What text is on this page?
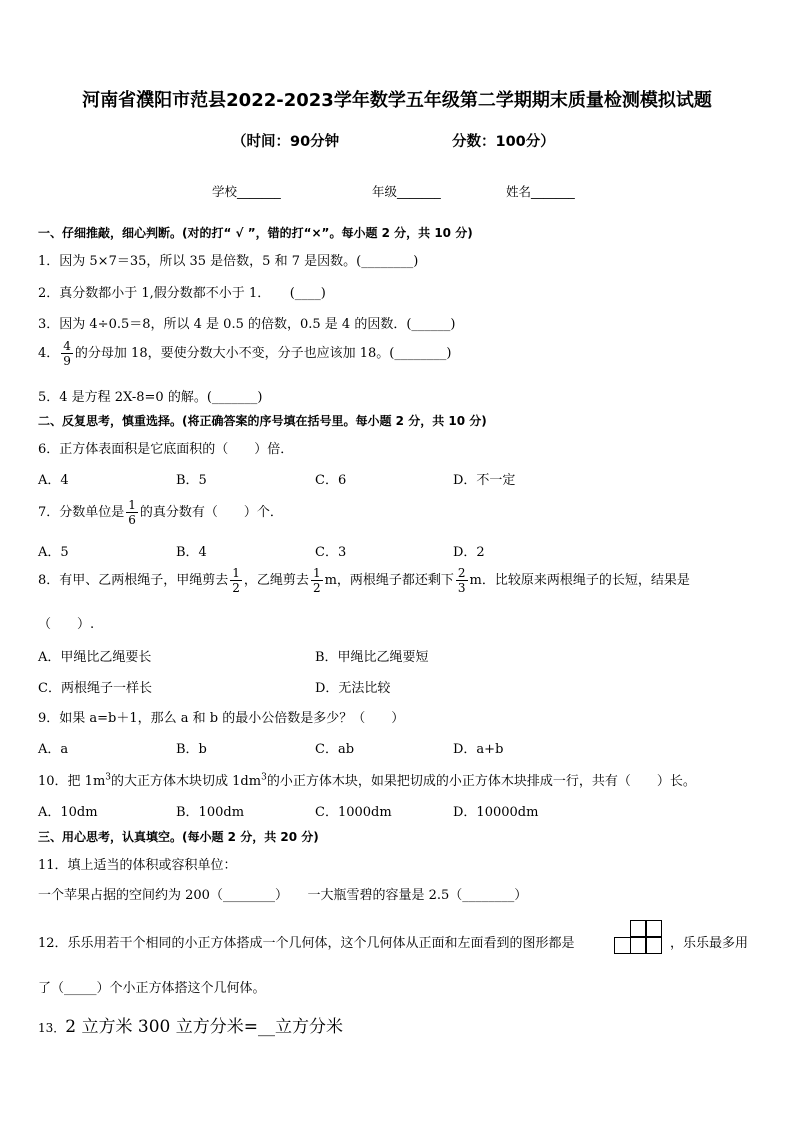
河南省濮阳市范县2022-2023学年数学五年级第二学期期末质量检测模拟试题
（时间：90分钟	分数：100分）
学校_______	年级_______	姓名_______
一、仔细推敲，细心判断。(对的打“ √ ”，错的打“×”。每小题 2 分，共 10 分)
1．因为 5×7＝35，所以 35 是倍数，5 和 7 是因数。(________)
2．真分数都小于 1,假分数都不小于 1．　　(____)
3．因为 4÷0.5＝8，所以 4 是 0.5 的倍数，0.5 是 4 的因数．(______)
4． $\frac{4}{9}$ 的分母加 18，要使分数大小不变，分子也应该加 18。(________)
5．4 是方程 2X-8=0 的解。(_______)
二、反复思考，慎重选择。(将正确答案的序号填在括号里。每小题 2 分，共 10 分)
6．正方体表面积是它底面积的（　　）倍．
A．4	B．5	C．6	D．不一定
7．分数单位是 $\frac{1}{6}$ 的真分数有（　　）个．
A．5	B．4	C．3	D．2
8．有甲、乙两根绳子，甲绳剪去 $\frac{1}{2}$ ，乙绳剪去 $\frac{1}{2}$ m，两根绳子都还剩下 $\frac{2}{3}$ m．比较原来两根绳子的长短，结果是
（　　）.
A．甲绳比乙绳要长	B．甲绳比乙绳要短
C．两根绳子一样长	D．无法比较
9．如果 a=b＋1，那么 a 和 b 的最小公倍数是多少？（　　）
A．a	B．b	C．ab	D．a+b
10．把 $1m^3$的大正方体木块切成 $1dm^3$的小正方体木块，如果把切成的小正方体木块排成一行，共有（　　）长。
A．10dm	B．100dm	C．1000dm	D．10000dm
三、用心思考，认真填空。(每小题 2 分，共 20 分)
11．填上适当的体积或容积单位：
一个苹果占据的空间约为 200（________）　　一大瓶雪碧的容量是 2.5（________）
12．乐乐用若干个相同的小正方体搭成一个几何体，这个几何体从正面和左面看到的图形都是	，乐乐最多用
了（_____）个小正方体搭这个几何体。
13．2 立方米 300 立方分米=__立方分米
